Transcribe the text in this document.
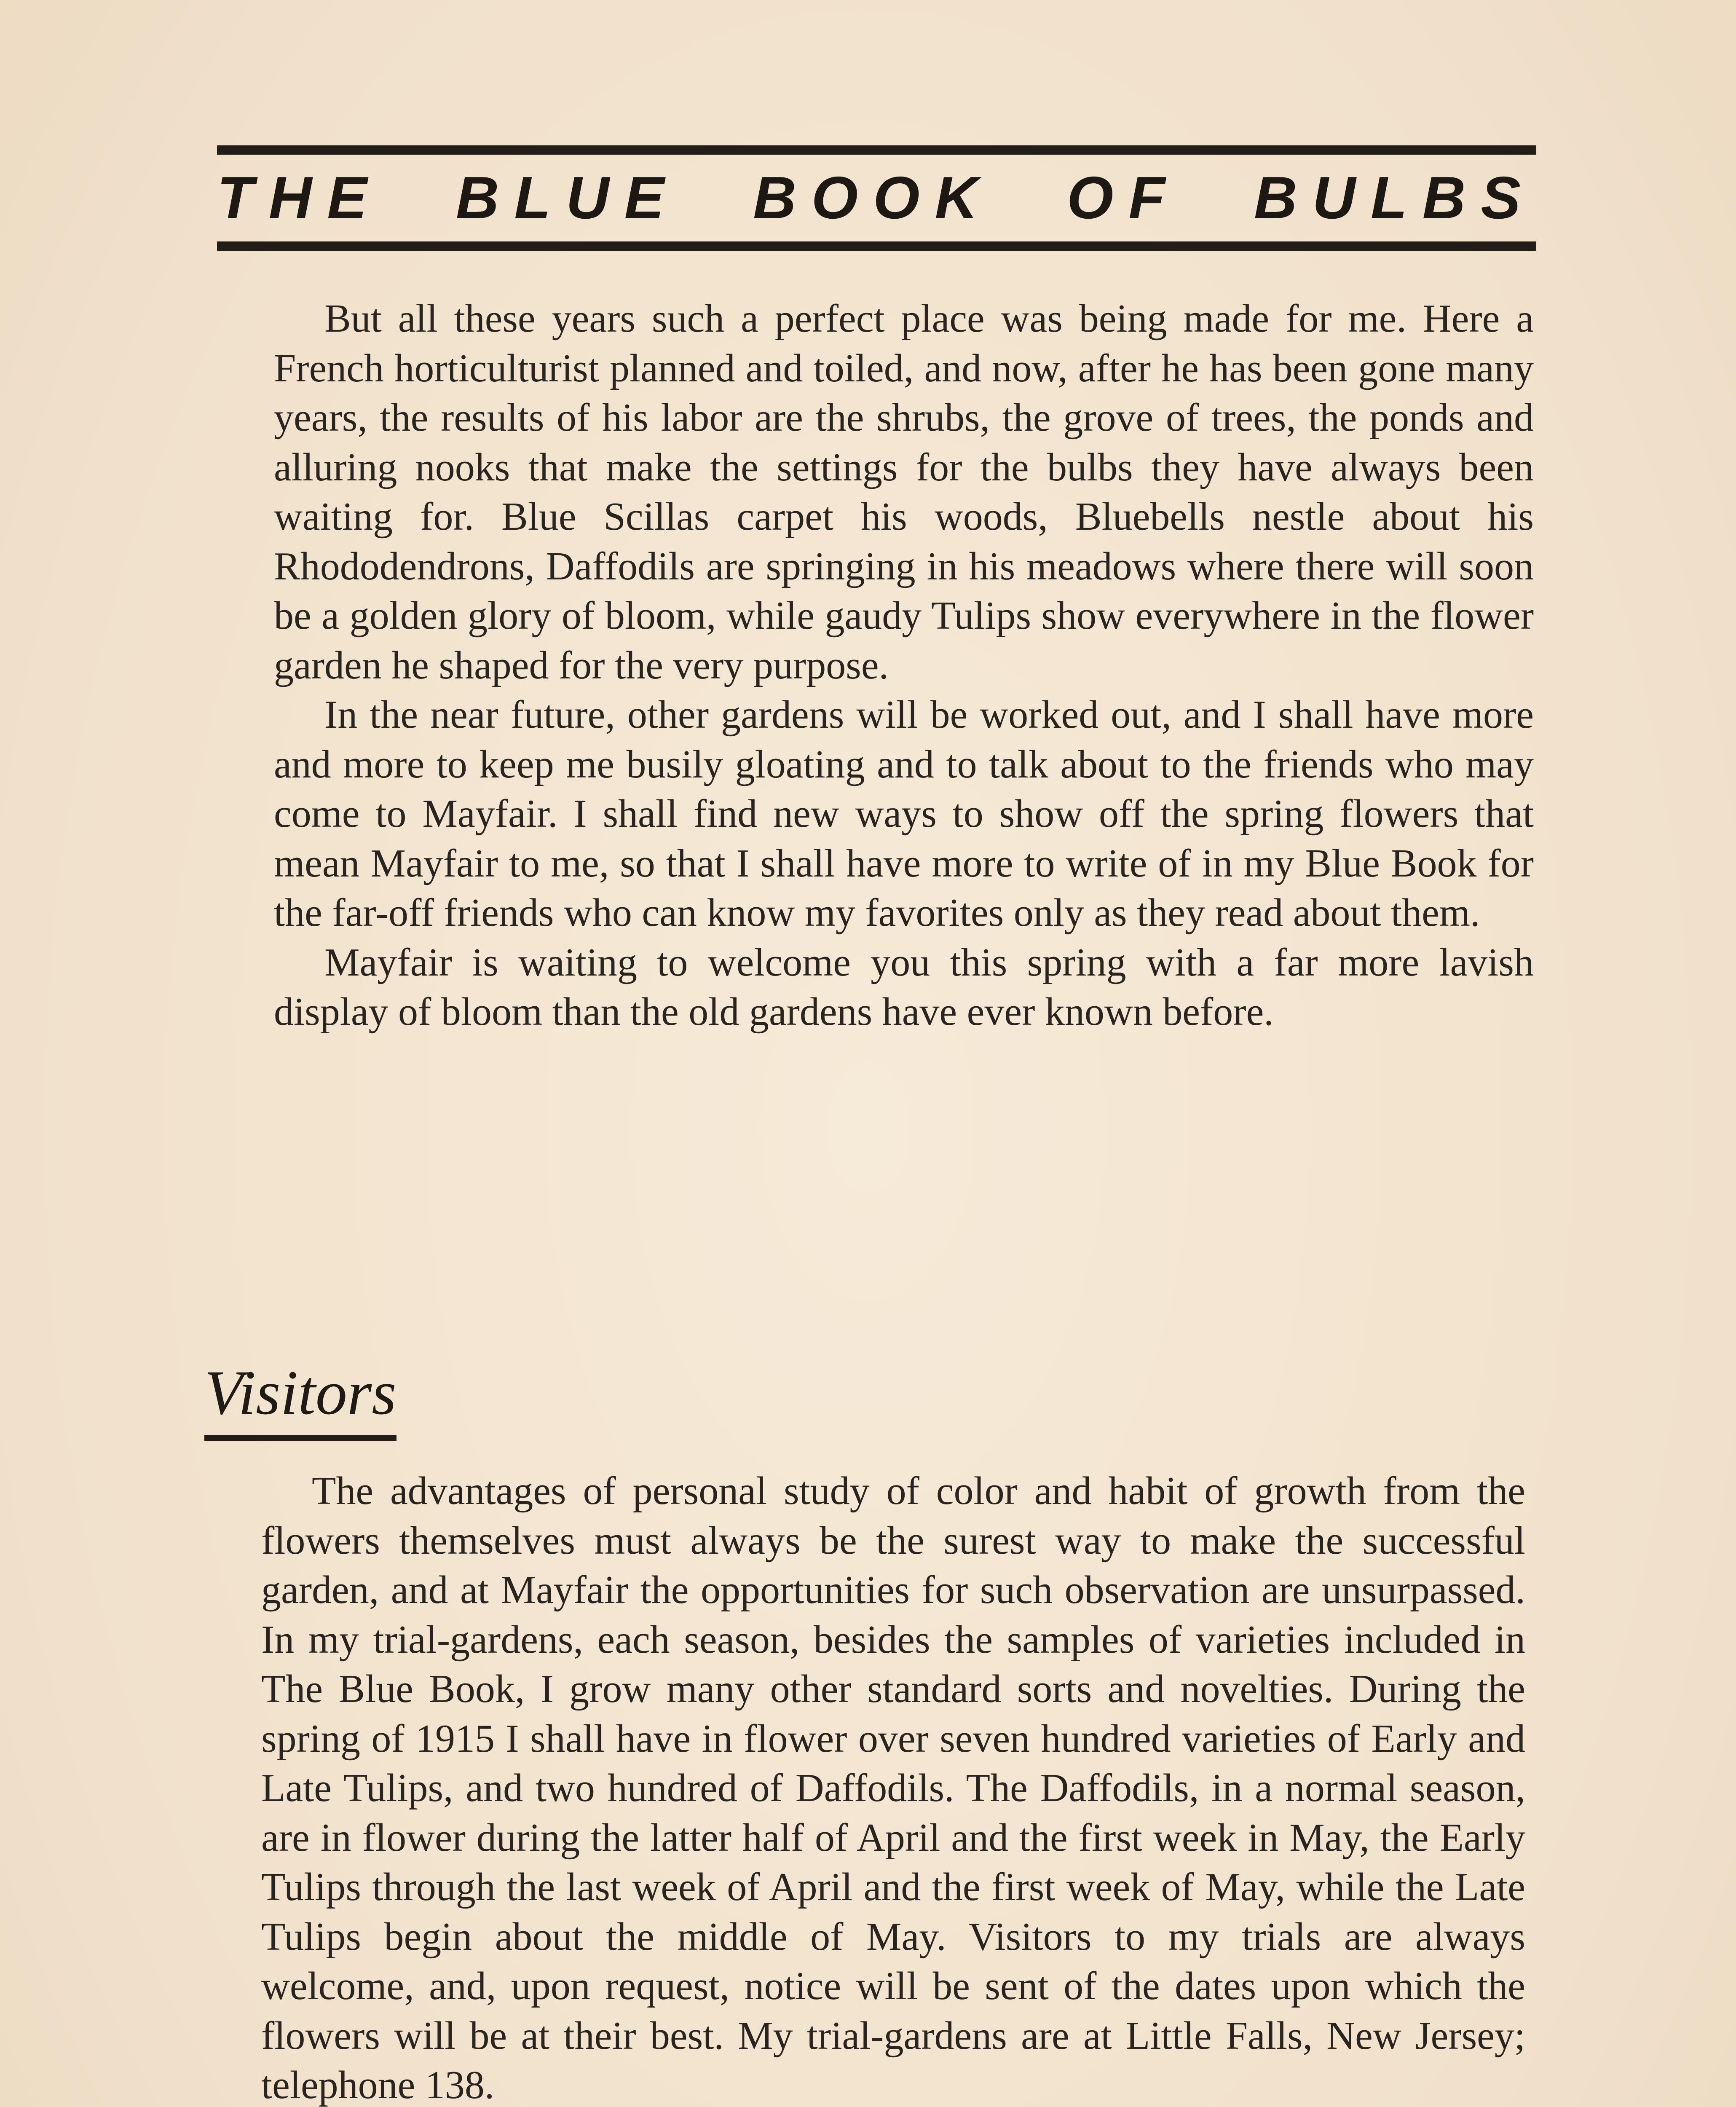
THE BLUE BOOK OF BULBS

But all these years such a perfect place was being made for me. Here a French horticulturist planned and toiled, and now, after he has been gone many years, the results of his labor are the shrubs, the grove of trees, the ponds and alluring nooks that make the settings for the bulbs they have always been waiting for. Blue Scillas carpet his woods, Bluebells nestle about his Rhododendrons, Daffodils are springing in his meadows where there will soon be a golden glory of bloom, while gaudy Tulips show everywhere in the flower garden he shaped for the very purpose.

In the near future, other gardens will be worked out, and I shall have more and more to keep me busily gloating and to talk about to the friends who may come to Mayfair. I shall find new ways to show off the spring flowers that mean Mayfair to me, so that I shall have more to write of in my Blue Book for the far-off friends who can know my favorites only as they read about them.

Mayfair is waiting to welcome you this spring with a far more lavish display of bloom than the old gardens have ever known before.

Visitors

The advantages of personal study of color and habit of growth from the flowers themselves must always be the surest way to make the successful garden, and at Mayfair the opportunities for such observation are unsurpassed. In my trial-gardens, each season, besides the samples of varieties included in The Blue Book, I grow many other standard sorts and novelties. During the spring of 1915 I shall have in flower over seven hundred varieties of Early and Late Tulips, and two hundred of Daffodils. The Daffodils, in a normal season, are in flower during the latter half of April and the first week in May, the Early Tulips through the last week of April and the first week of May, while the Late Tulips begin about the middle of May. Visitors to my trials are always welcome, and, upon request, notice will be sent of the dates upon which the flowers will be at their best. My trial-gardens are at Little Falls, New Jersey; telephone 138.
